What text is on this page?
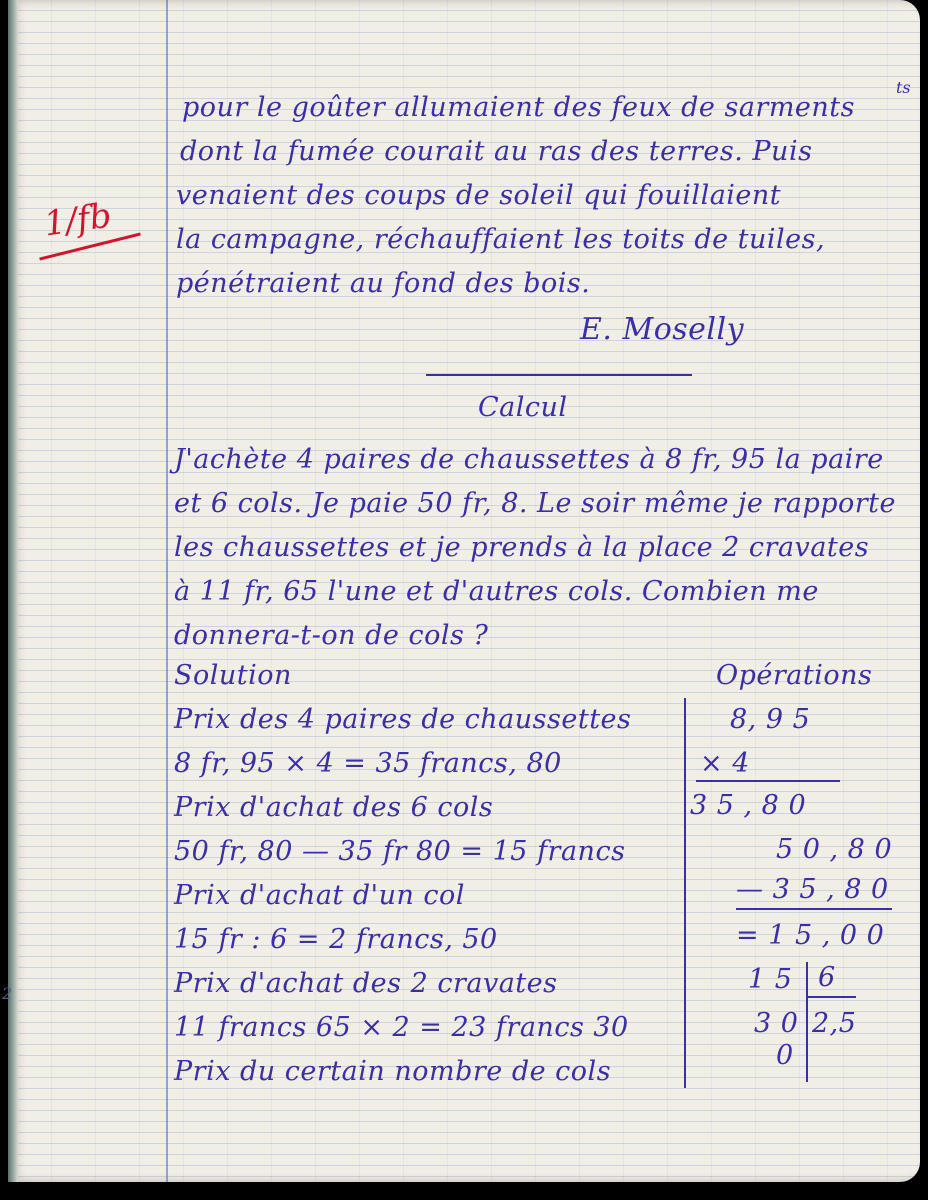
1/fb
pour le goûter allumaient des feux de sarments
ts
dont la fumée courait au ras des terres. Puis
venaient des coups de soleil qui fouillaient
la campagne, réchauffaient les toits de tuiles,
pénétraient au fond des bois.
E. Moselly
Calcul
J'achète 4 paires de chaussettes à 8 fr, 95 la paire
et 6 cols. Je paie 50 fr, 8. Le soir même je rapporte
les chaussettes et je prends à la place 2 cravates
à 11 fr, 65 l'une et d'autres cols. Combien me
donnera-t-on de cols ?
Solution
Prix des 4 paires de chaussettes
8 fr, 95 × 4 = 35 francs, 80
Prix d'achat des 6 cols
50 fr, 80 — 35 fr 80 = 15 francs
Prix d'achat d'un col
15 fr : 6 = 2 francs, 50
Prix d'achat des 2 cravates
11 francs 65 × 2 = 23 francs 30
Prix du certain nombre de cols
Opérations
8, 9 5
× 4
3 5 , 8 0
5 0 , 8 0
— 3 5 , 8 0
= 1 5 , 0 0
1 5 6
2,5
3 0
0
2
